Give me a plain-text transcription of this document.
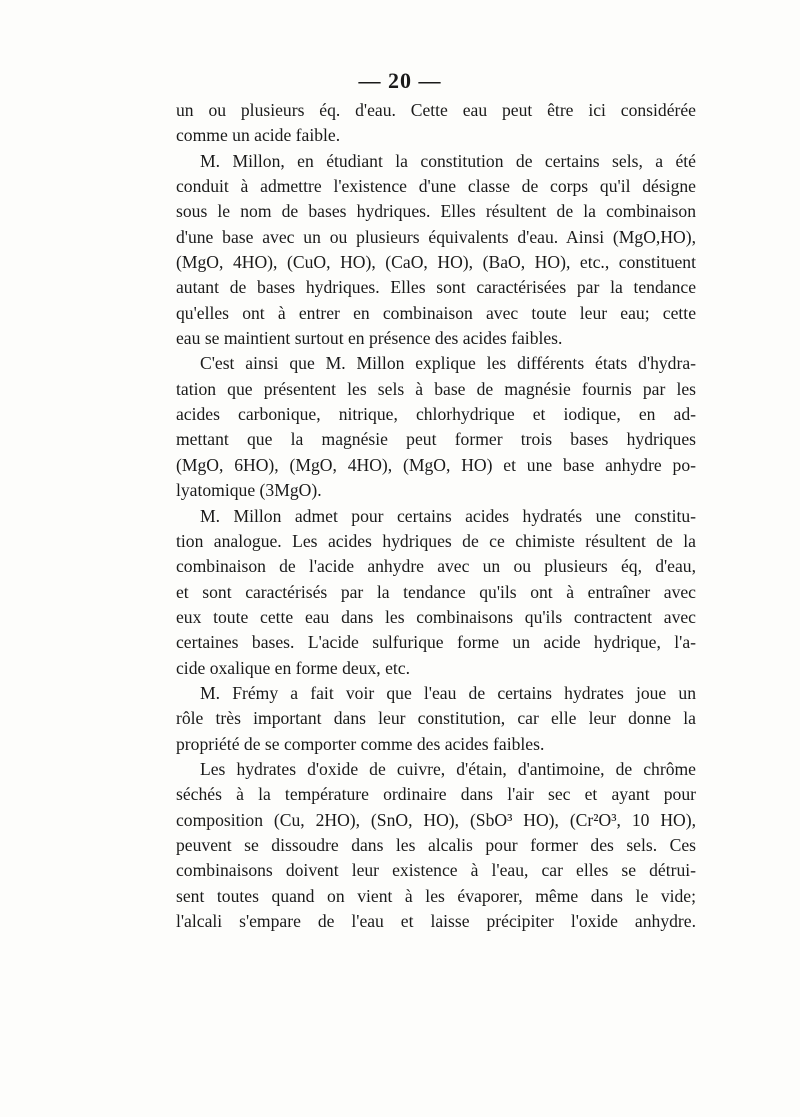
— 20 —
un ou plusieurs éq. d'eau. Cette eau peut être ici considérée
comme un acide faible.
M. Millon, en étudiant la constitution de certains sels, a été
conduit à admettre l'existence d'une classe de corps qu'il désigne
sous le nom de bases hydriques. Elles résultent de la combinaison
d'une base avec un ou plusieurs équivalents d'eau. Ainsi (MgO,HO),
(MgO, 4HO), (CuO, HO), (CaO, HO), (BaO, HO), etc., constituent
autant de bases hydriques. Elles sont caractérisées par la tendance
qu'elles ont à entrer en combinaison avec toute leur eau; cette
eau se maintient surtout en présence des acides faibles.
C'est ainsi que M. Millon explique les différents états d'hydra-
tation que présentent les sels à base de magnésie fournis par les
acides carbonique, nitrique, chlorhydrique et iodique, en ad-
mettant que la magnésie peut former trois bases hydriques
(MgO, 6HO), (MgO, 4HO), (MgO, HO) et une base anhydre po-
lyatomique (3MgO).
M. Millon admet pour certains acides hydratés une constitu-
tion analogue. Les acides hydriques de ce chimiste résultent de la
combinaison de l'acide anhydre avec un ou plusieurs éq, d'eau,
et sont caractérisés par la tendance qu'ils ont à entraîner avec
eux toute cette eau dans les combinaisons qu'ils contractent avec
certaines bases. L'acide sulfurique forme un acide hydrique, l'a-
cide oxalique en forme deux, etc.
M. Frémy a fait voir que l'eau de certains hydrates joue un
rôle très important dans leur constitution, car elle leur donne la
propriété de se comporter comme des acides faibles.
Les hydrates d'oxide de cuivre, d'étain, d'antimoine, de chrôme
séchés à la température ordinaire dans l'air sec et ayant pour
composition (Cu, 2HO), (SnO, HO), (SbO³ HO), (Cr²O³, 10 HO),
peuvent se dissoudre dans les alcalis pour former des sels. Ces
combinaisons doivent leur existence à l'eau, car elles se détrui-
sent toutes quand on vient à les évaporer, même dans le vide;
l'alcali s'empare de l'eau et laisse précipiter l'oxide anhydre.
